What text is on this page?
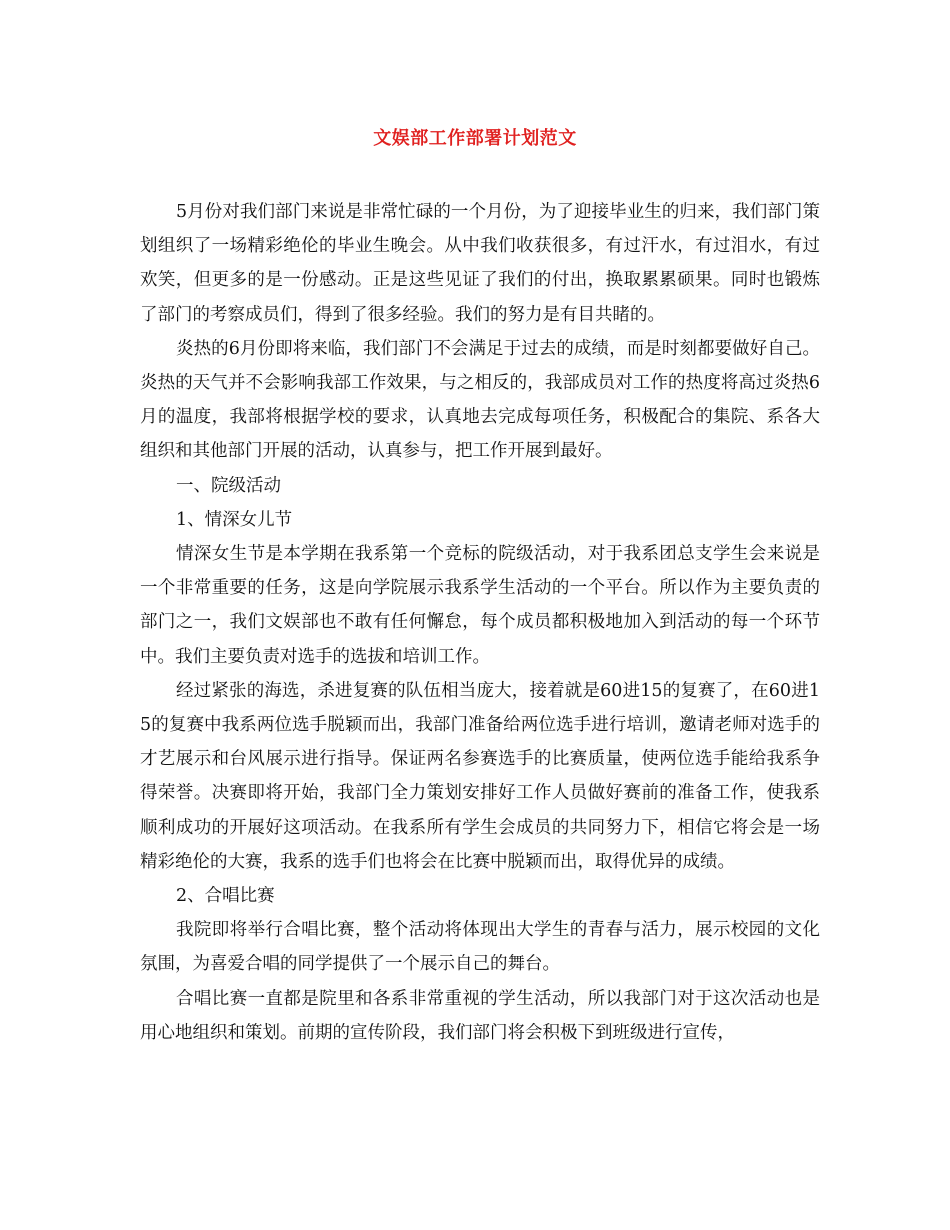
文娱部工作部署计划范文

5月份对我们部门来说是非常忙碌的一个月份，为了迎接毕业生的归来，我们部门策划组织了一场精彩绝伦的毕业生晚会。从中我们收获很多，有过汗水，有过泪水，有过欢笑，但更多的是一份感动。正是这些见证了我们的付出，换取累累硕果。同时也锻炼了部门的考察成员们，得到了很多经验。我们的努力是有目共睹的。

炎热的6月份即将来临，我们部门不会满足于过去的成绩，而是时刻都要做好自己。炎热的天气并不会影响我部工作效果，与之相反的，我部成员对工作的热度将高过炎热6月的温度，我部将根据学校的要求，认真地去完成每项任务，积极配合的集院、系各大组织和其他部门开展的活动，认真参与，把工作开展到最好。

一、院级活动

1、情深女儿节

情深女生节是本学期在我系第一个竞标的院级活动，对于我系团总支学生会来说是一个非常重要的任务，这是向学院展示我系学生活动的一个平台。所以作为主要负责的部门之一，我们文娱部也不敢有任何懈怠，每个成员都积极地加入到活动的每一个环节中。我们主要负责对选手的选拔和培训工作。

经过紧张的海选，杀进复赛的队伍相当庞大，接着就是60进15的复赛了，在60进15的复赛中我系两位选手脱颖而出，我部门准备给两位选手进行培训，邀请老师对选手的才艺展示和台风展示进行指导。保证两名参赛选手的比赛质量，使两位选手能给我系争得荣誉。决赛即将开始，我部门全力策划安排好工作人员做好赛前的准备工作，使我系顺利成功的开展好这项活动。在我系所有学生会成员的共同努力下，相信它将会是一场精彩绝伦的大赛，我系的选手们也将会在比赛中脱颖而出，取得优异的成绩。

2、合唱比赛

我院即将举行合唱比赛，整个活动将体现出大学生的青春与活力，展示校园的文化氛围，为喜爱合唱的同学提供了一个展示自己的舞台。

合唱比赛一直都是院里和各系非常重视的学生活动，所以我部门对于这次活动也是用心地组织和策划。前期的宣传阶段，我们部门将会积极下到班级进行宣传，
